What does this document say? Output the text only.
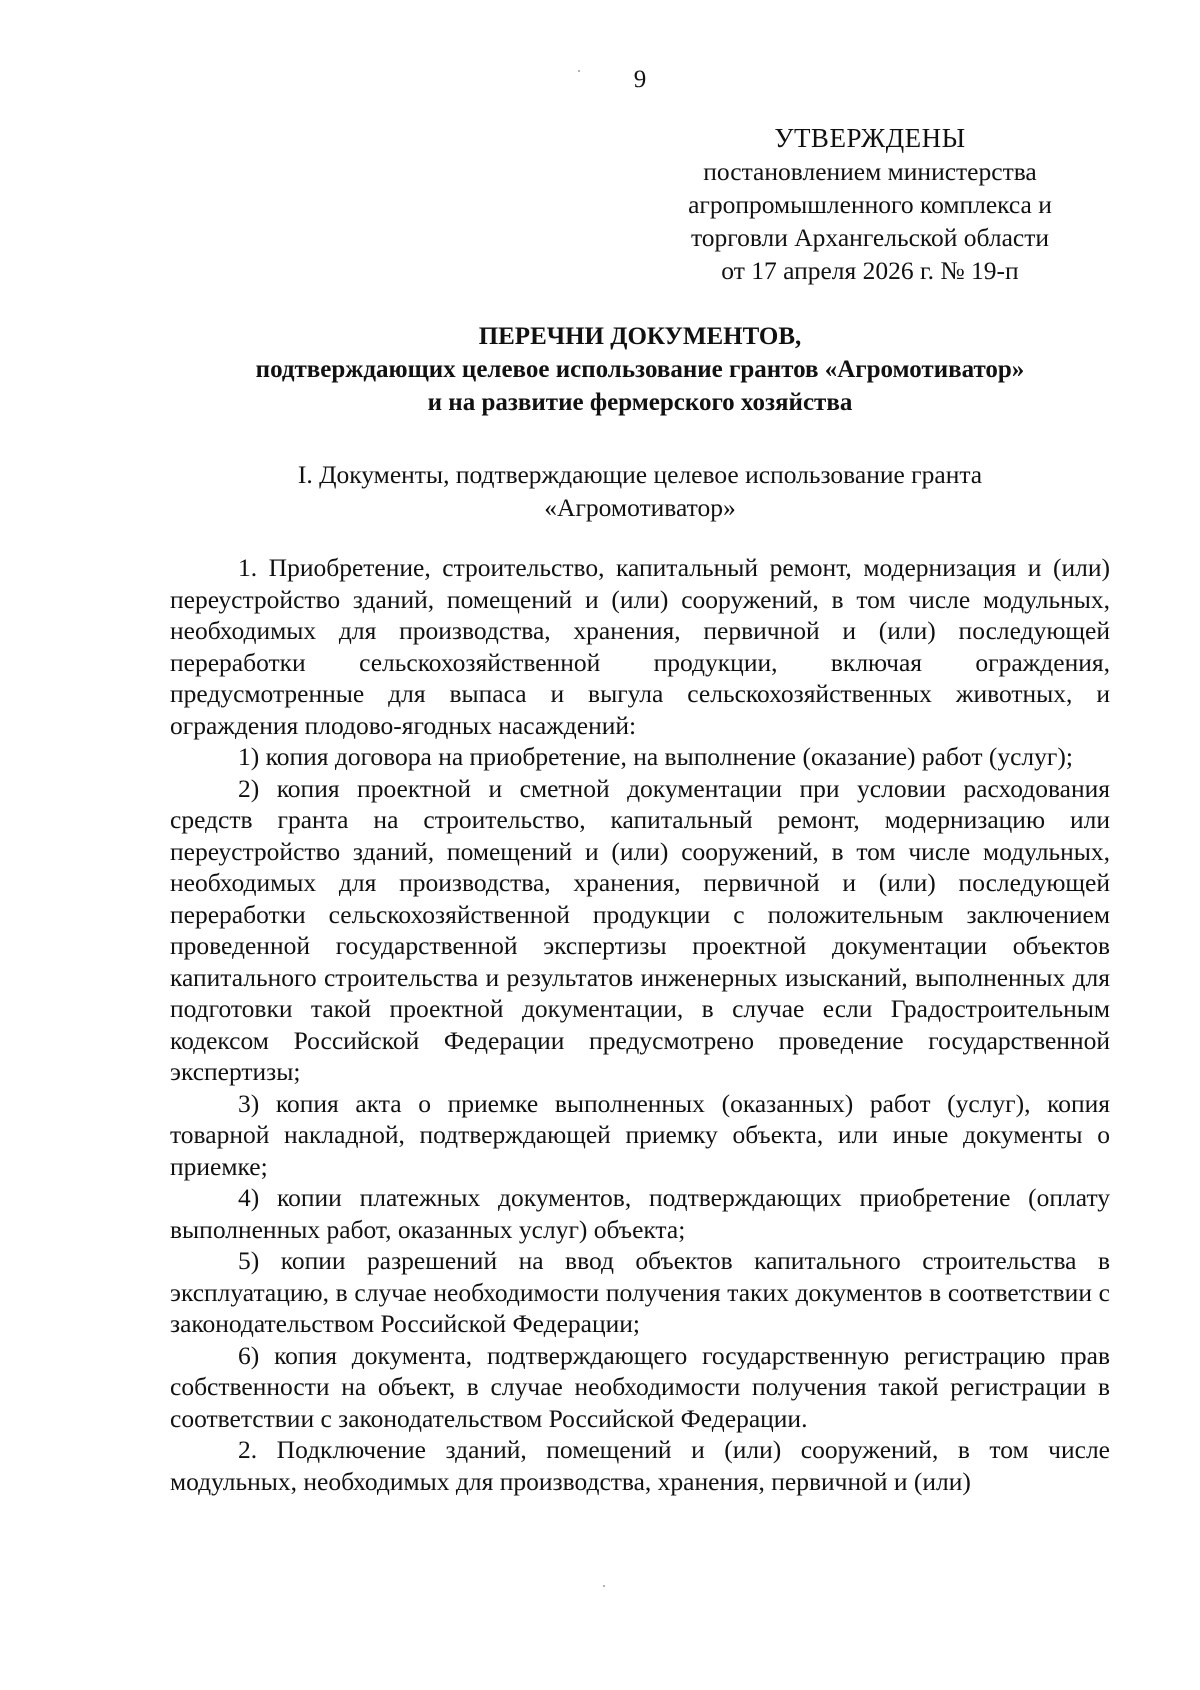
9
УТВЕРЖДЕНЫ
постановлением министерства
агропромышленного комплекса и
торговли Архангельской области
от 17 апреля 2026 г. № 19-п
ПЕРЕЧНИ ДОКУМЕНТОВ,
подтверждающих целевое использование грантов «Агромотиватор»
и на развитие фермерского хозяйства
I. Документы, подтверждающие целевое использование гранта
«Агромотиватор»

1. Приобретение, строительство, капитальный ремонт, модернизация и (или) переустройство зданий, помещений и (или) сооружений, в том числе модульных, необходимых для производства, хранения, первичной и (или) последующей переработки сельскохозяйственной продукции, включая ограждения, предусмотренные для выпаса и выгула сельскохозяйственных животных, и ограждения плодово-ягодных насаждений:

1) копия договора на приобретение, на выполнение (оказание) работ (услуг);

2) копия проектной и сметной документации при условии расходования средств гранта на строительство, капитальный ремонт, модернизацию или переустройство зданий, помещений и (или) сооружений, в том числе модульных, необходимых для производства, хранения, первичной и (или) последующей переработки сельскохозяйственной продукции с положительным заключением проведенной государственной экспертизы проектной документации объектов капитального строительства и результатов инженерных изысканий, выполненных для подготовки такой проектной документации, в случае если Градостроительным кодексом Российской Федерации предусмотрено проведение государственной экспертизы;

3) копия акта о приемке выполненных (оказанных) работ (услуг), копия товарной накладной, подтверждающей приемку объекта, или иные документы о приемке;

4) копии платежных документов, подтверждающих приобретение (оплату выполненных работ, оказанных услуг) объекта;

5) копии разрешений на ввод объектов капитального строительства в эксплуатацию, в случае необходимости получения таких документов в соответствии с законодательством Российской Федерации;

6) копия документа, подтверждающего государственную регистрацию прав собственности на объект, в случае необходимости получения такой регистрации в соответствии с законодательством Российской Федерации.

2. Подключение зданий, помещений и (или) сооружений, в том числе модульных, необходимых для производства, хранения, первичной и (или)
